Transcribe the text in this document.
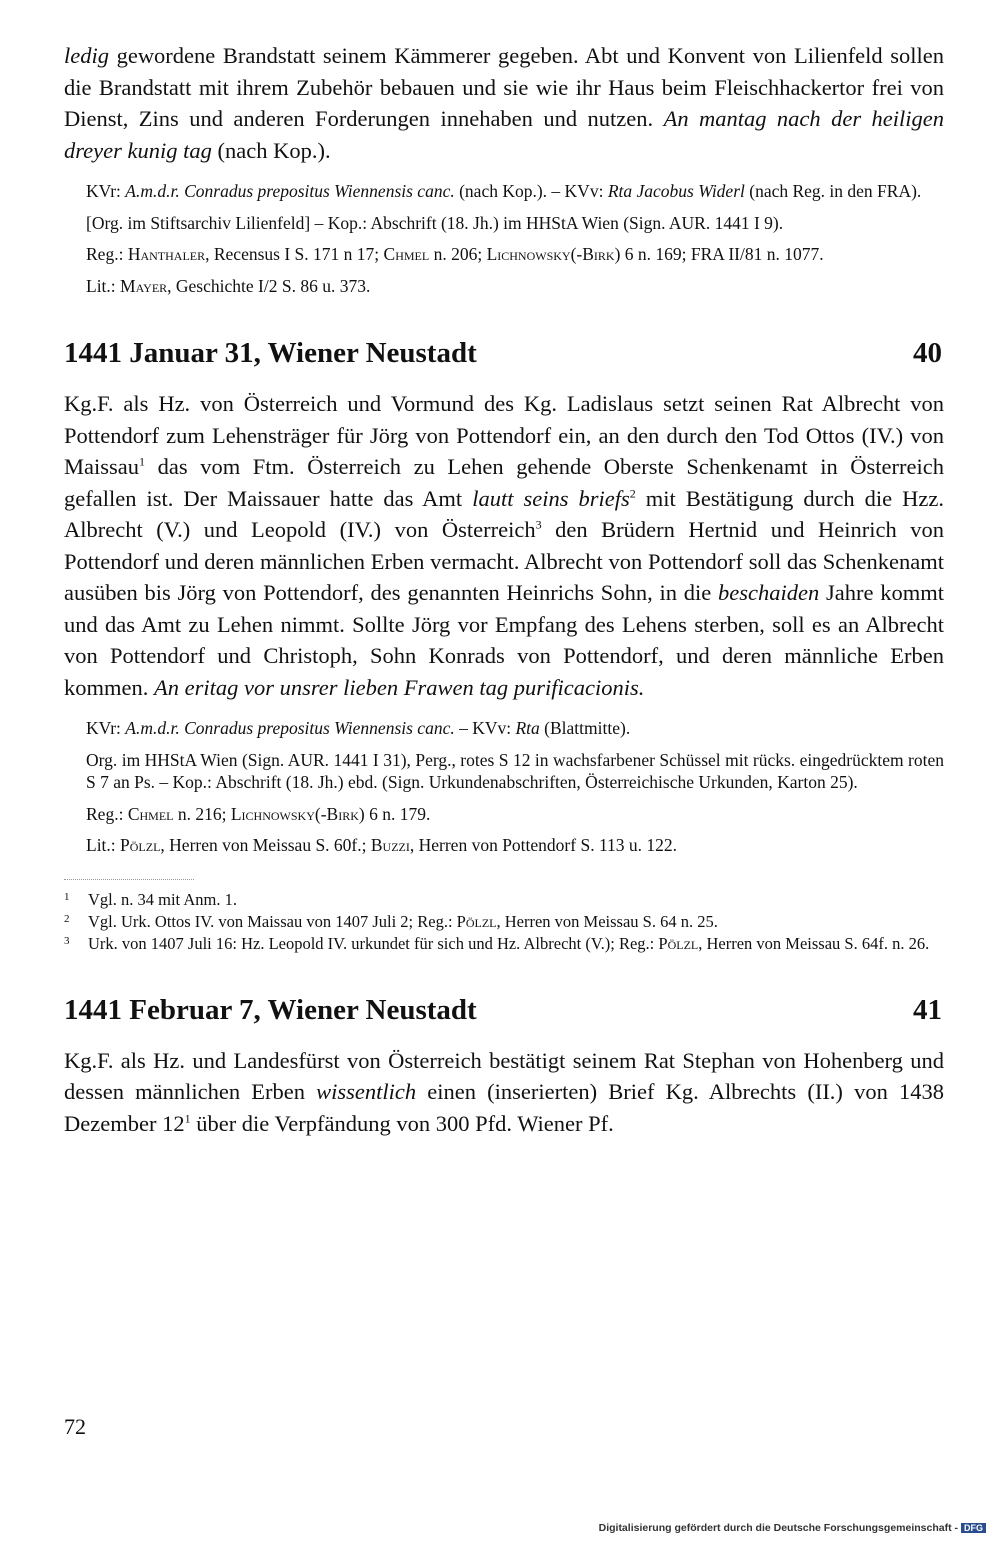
ledig gewordene Brandstatt seinem Kämmerer gegeben. Abt und Konvent von Lilienfeld sollen die Brandstatt mit ihrem Zubehör bebauen und sie wie ihr Haus beim Fleischhackertor frei von Dienst, Zins und anderen Forderungen innehaben und nutzen. An mantag nach der heiligen dreyer kunig tag (nach Kop.).

KVr: A.m.d.r. Conradus prepositus Wiennensis canc. (nach Kop.). – KVv: Rta Jacobus Widerl (nach Reg. in den FRA).

[Org. im Stiftsarchiv Lilienfeld] – Kop.: Abschrift (18. Jh.) im HHStA Wien (Sign. AUR. 1441 I 9).

Reg.: Hanthaler, Recensus I S. 171 n 17; Chmel n. 206; Lichnowsky(-Birk) 6 n. 169; FRA II/81 n. 1077.

Lit.: Mayer, Geschichte I/2 S. 86 u. 373.

1441 Januar 31, Wiener Neustadt	40

Kg.F. als Hz. von Österreich und Vormund des Kg. Ladislaus setzt seinen Rat Albrecht von Pottendorf zum Lehensträger für Jörg von Pottendorf ein, an den durch den Tod Ottos (IV.) von Maissau$^1$ das vom Ftm. Österreich zu Lehen gehende Oberste Schenkenamt in Österreich gefallen ist. Der Maissauer hatte das Amt lautt seins briefs$^2$ mit Bestätigung durch die Hzz. Albrecht (V.) und Leopold (IV.) von Österreich$^3$ den Brüdern Hertnid und Heinrich von Pottendorf und deren männlichen Erben vermacht. Albrecht von Pottendorf soll das Schenkenamt ausüben bis Jörg von Pottendorf, des genannten Heinrichs Sohn, in die beschaiden Jahre kommt und das Amt zu Lehen nimmt. Sollte Jörg vor Empfang des Lehens sterben, soll es an Albrecht von Pottendorf und Christoph, Sohn Konrads von Pottendorf, und deren männliche Erben kommen. An eritag vor unsrer lieben Frawen tag purificacionis.

KVr: A.m.d.r. Conradus prepositus Wiennensis canc. – KVv: Rta (Blattmitte).

Org. im HHStA Wien (Sign. AUR. 1441 I 31), Perg., rotes S 12 in wachsfarbener Schüssel mit rücks. eingedrücktem roten S 7 an Ps. – Kop.: Abschrift (18. Jh.) ebd. (Sign. Urkundenabschriften, Österreichische Urkunden, Karton 25).

Reg.: Chmel n. 216; Lichnowsky(-Birk) 6 n. 179.

Lit.: Pölzl, Herren von Meissau S. 60f.; Buzzi, Herren von Pottendorf S. 113 u. 122.

1 Vgl. n. 34 mit Anm. 1.

2 Vgl. Urk. Ottos IV. von Maissau von 1407 Juli 2; Reg.: Pölzl, Herren von Meissau S. 64 n. 25.

3 Urk. von 1407 Juli 16: Hz. Leopold IV. urkundet für sich und Hz. Albrecht (V.); Reg.: Pölzl, Herren von Meissau S. 64f. n. 26.

1441 Februar 7, Wiener Neustadt	41

Kg.F. als Hz. und Landesfürst von Österreich bestätigt seinem Rat Stephan von Hohenberg und dessen männlichen Erben wissentlich einen (inserierten) Brief Kg. Albrechts (II.) von 1438 Dezember $12^1$ über die Verpfändung von 300 Pfd. Wiener Pf.

72
Digitalisierung gefördert durch die Deutsche Forschungsgemeinschaft - DFG
